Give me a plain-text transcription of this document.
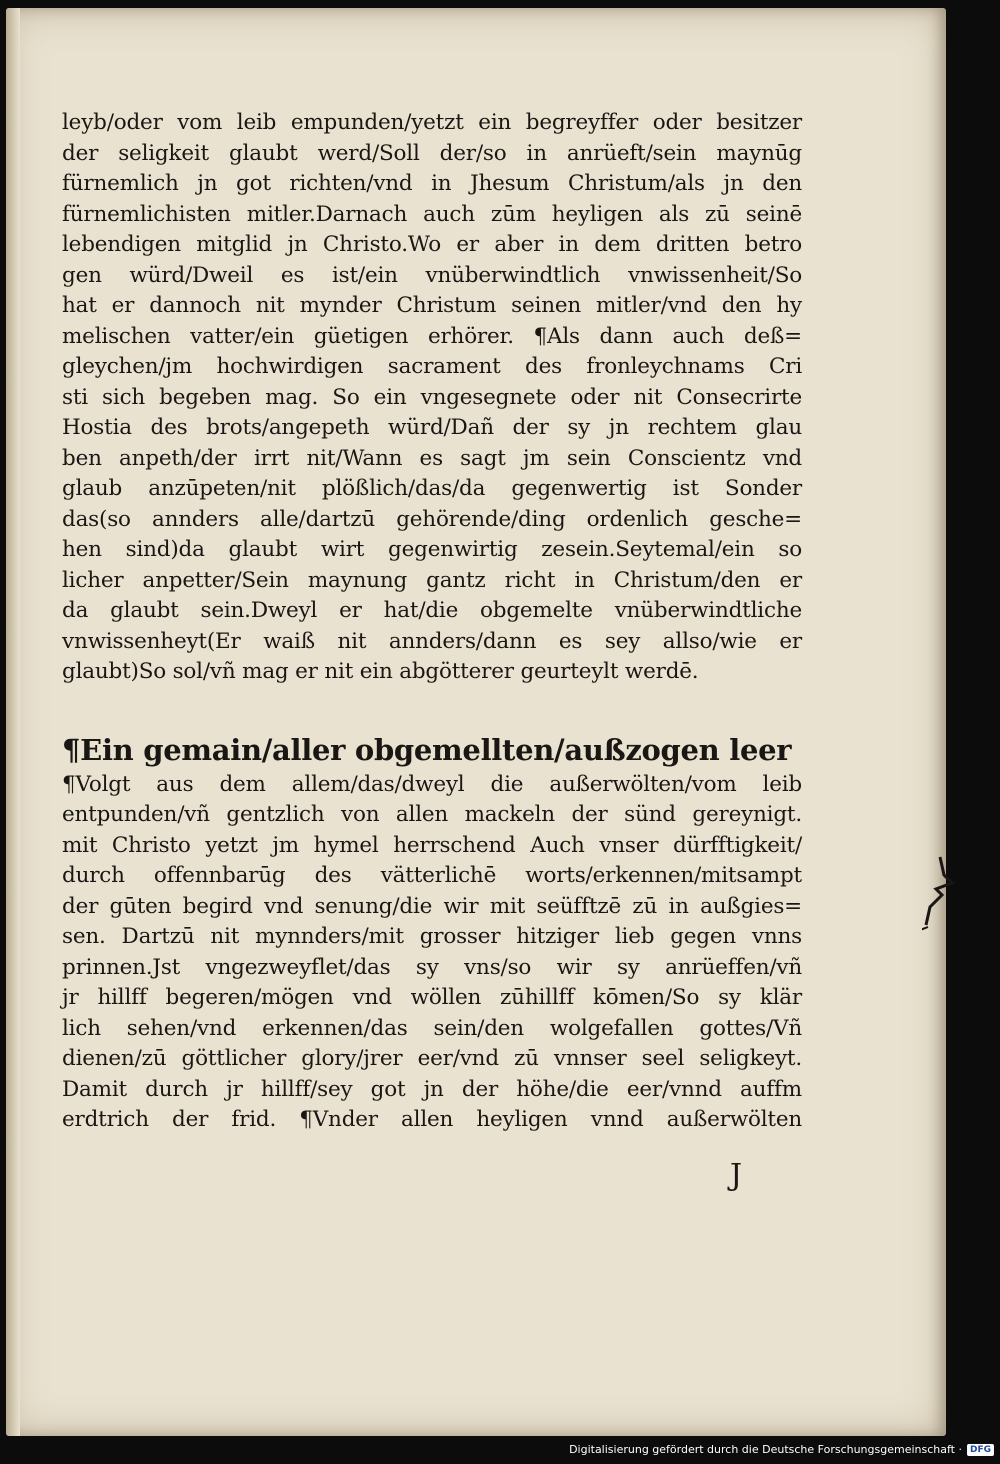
leyb/oder vom leib empunden/yetzt ein begreyffer oder besitzer
der seligkeit glaubt werd/Soll der/so in anrüeft/sein maynūg
fürnemlich jn got richten/vnd in Jhesum Christum/als jn den
fürnemlichisten mitler.Darnach auch zūm heyligen als zū seinē
lebendigen mitglid jn Christo.Wo er aber in dem dritten betro
gen würd/Dweil es ist/ein vnüberwindtlich vnwissenheit/So
hat er dannoch nit mynder Christum seinen mitler/vnd den hy
melischen vatter/ein güetigen erhörer. ¶Als dann auch deß=
gleychen/jm hochwirdigen sacrament des fronleychnams Cri
sti sich begeben mag. So ein vngesegnete oder nit Consecrirte
Hostia des brots/angepeth würd/Dañ der sy jn rechtem glau
ben anpeth/der irrt nit/Wann es sagt jm sein Conscientz vnd
glaub anzūpeten/nit plößlich/das/da gegenwertig ist Sonder
das(so annders alle/dartzū gehörende/ding ordenlich gesche=
hen sind)da glaubt wirt gegenwirtig zesein.Seytemal/ein so
licher anpetter/Sein maynung gantz richt in Christum/den er
da glaubt sein.Dweyl er hat/die obgemelte vnüberwindtliche
vnwissenheyt(Er waiß nit annders/dann es sey allso/wie er
glaubt)So sol/vñ mag er nit ein abgötterer geurteylt werdē.
¶Ein gemain/aller obgemellten/außzogen leer
¶Volgt aus dem allem/das/dweyl die außerwölten/vom leib
entpunden/vñ gentzlich von allen mackeln der sünd gereynigt.
mit Christo yetzt jm hymel herrschend Auch vnser dürfftigkeit/
durch offennbarūg des vätterlichē worts/erkennen/mitsampt
der gūten begird vnd senung/die wir mit seüfftzē zū in außgies=
sen. Dartzū nit mynnders/mit grosser hitziger lieb gegen vnns
prinnen.Jst vngezweyflet/das sy vns/so wir sy anrüeffen/vñ
jr hillff begeren/mögen vnd wöllen zūhillff kōmen/So sy klär
lich sehen/vnd erkennen/das sein/den wolgefallen gottes/Vñ
dienen/zū göttlicher glory/jrer eer/vnd zū vnnser seel seligkeyt.
Damit durch jr hillff/sey got jn der höhe/die eer/vnnd auffm
erdtrich der frid. ¶Vnder allen heyligen vnnd außerwölten
J
Digitalisierung gefördert durch die Deutsche Forschungsgemeinschaft · DFG
